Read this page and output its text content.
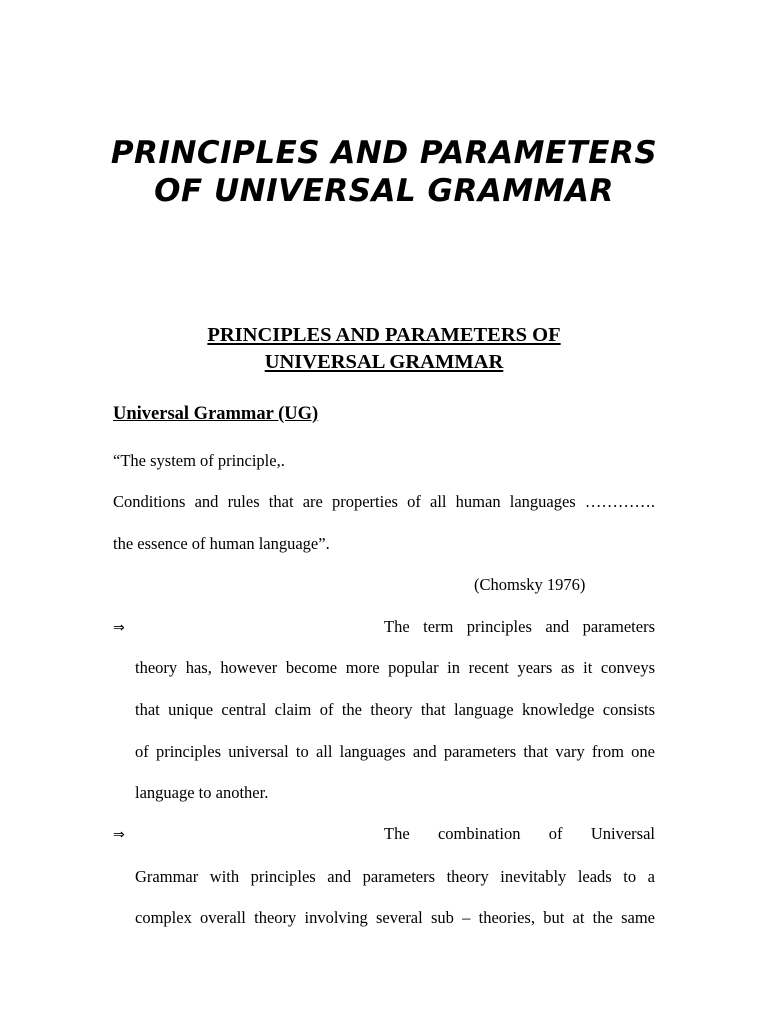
PRINCIPLES AND PARAMETERS OF UNIVERSAL GRAMMAR
PRINCIPLES AND PARAMETERS OF
UNIVERSAL GRAMMAR
Universal Grammar (UG)
“The system of principle,.
Conditions and rules that are properties of all human languages ………….
the essence of human language”.
(Chomsky 1976)
⇒	The term principles and parameters
theory has, however become more popular in recent years as it conveys
that unique central claim of the theory that language knowledge consists
of principles universal to all languages and parameters that vary from one
language to another.
⇒	The combination of Universal
Grammar with principles and parameters theory inevitably leads to a
complex overall theory involving several sub – theories, but at the same
